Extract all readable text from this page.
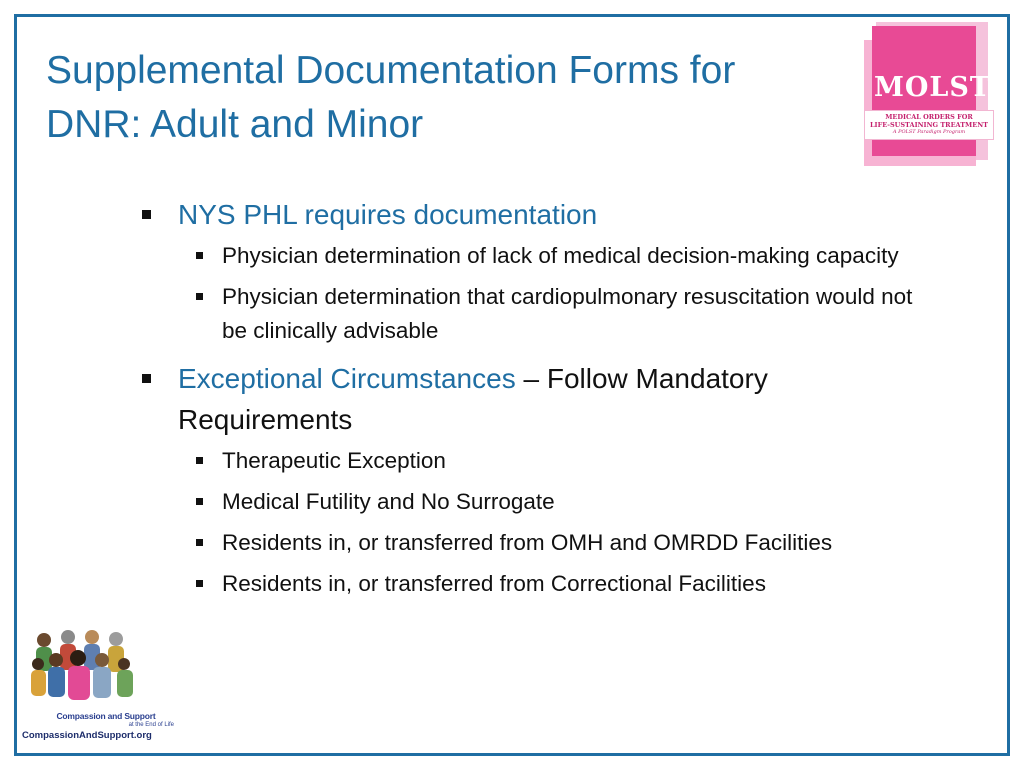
Supplemental Documentation Forms for
DNR: Adult and Minor
MOLST
MEDICAL ORDERS FOR
LIFE-SUSTAINING TREATMENT
A POLST Paradigm Program
NYS PHL requires documentation
Physician determination of lack of medical decision-making capacity
Physician determination that cardiopulmonary resuscitation would not be clinically advisable
Exceptional Circumstances – Follow Mandatory Requirements
Therapeutic Exception
Medical Futility and No Surrogate
Residents in, or transferred from OMH and OMRDD Facilities
Residents in, or transferred from Correctional Facilities
Compassion and Support
at the End of Life
CompassionAndSupport.org
